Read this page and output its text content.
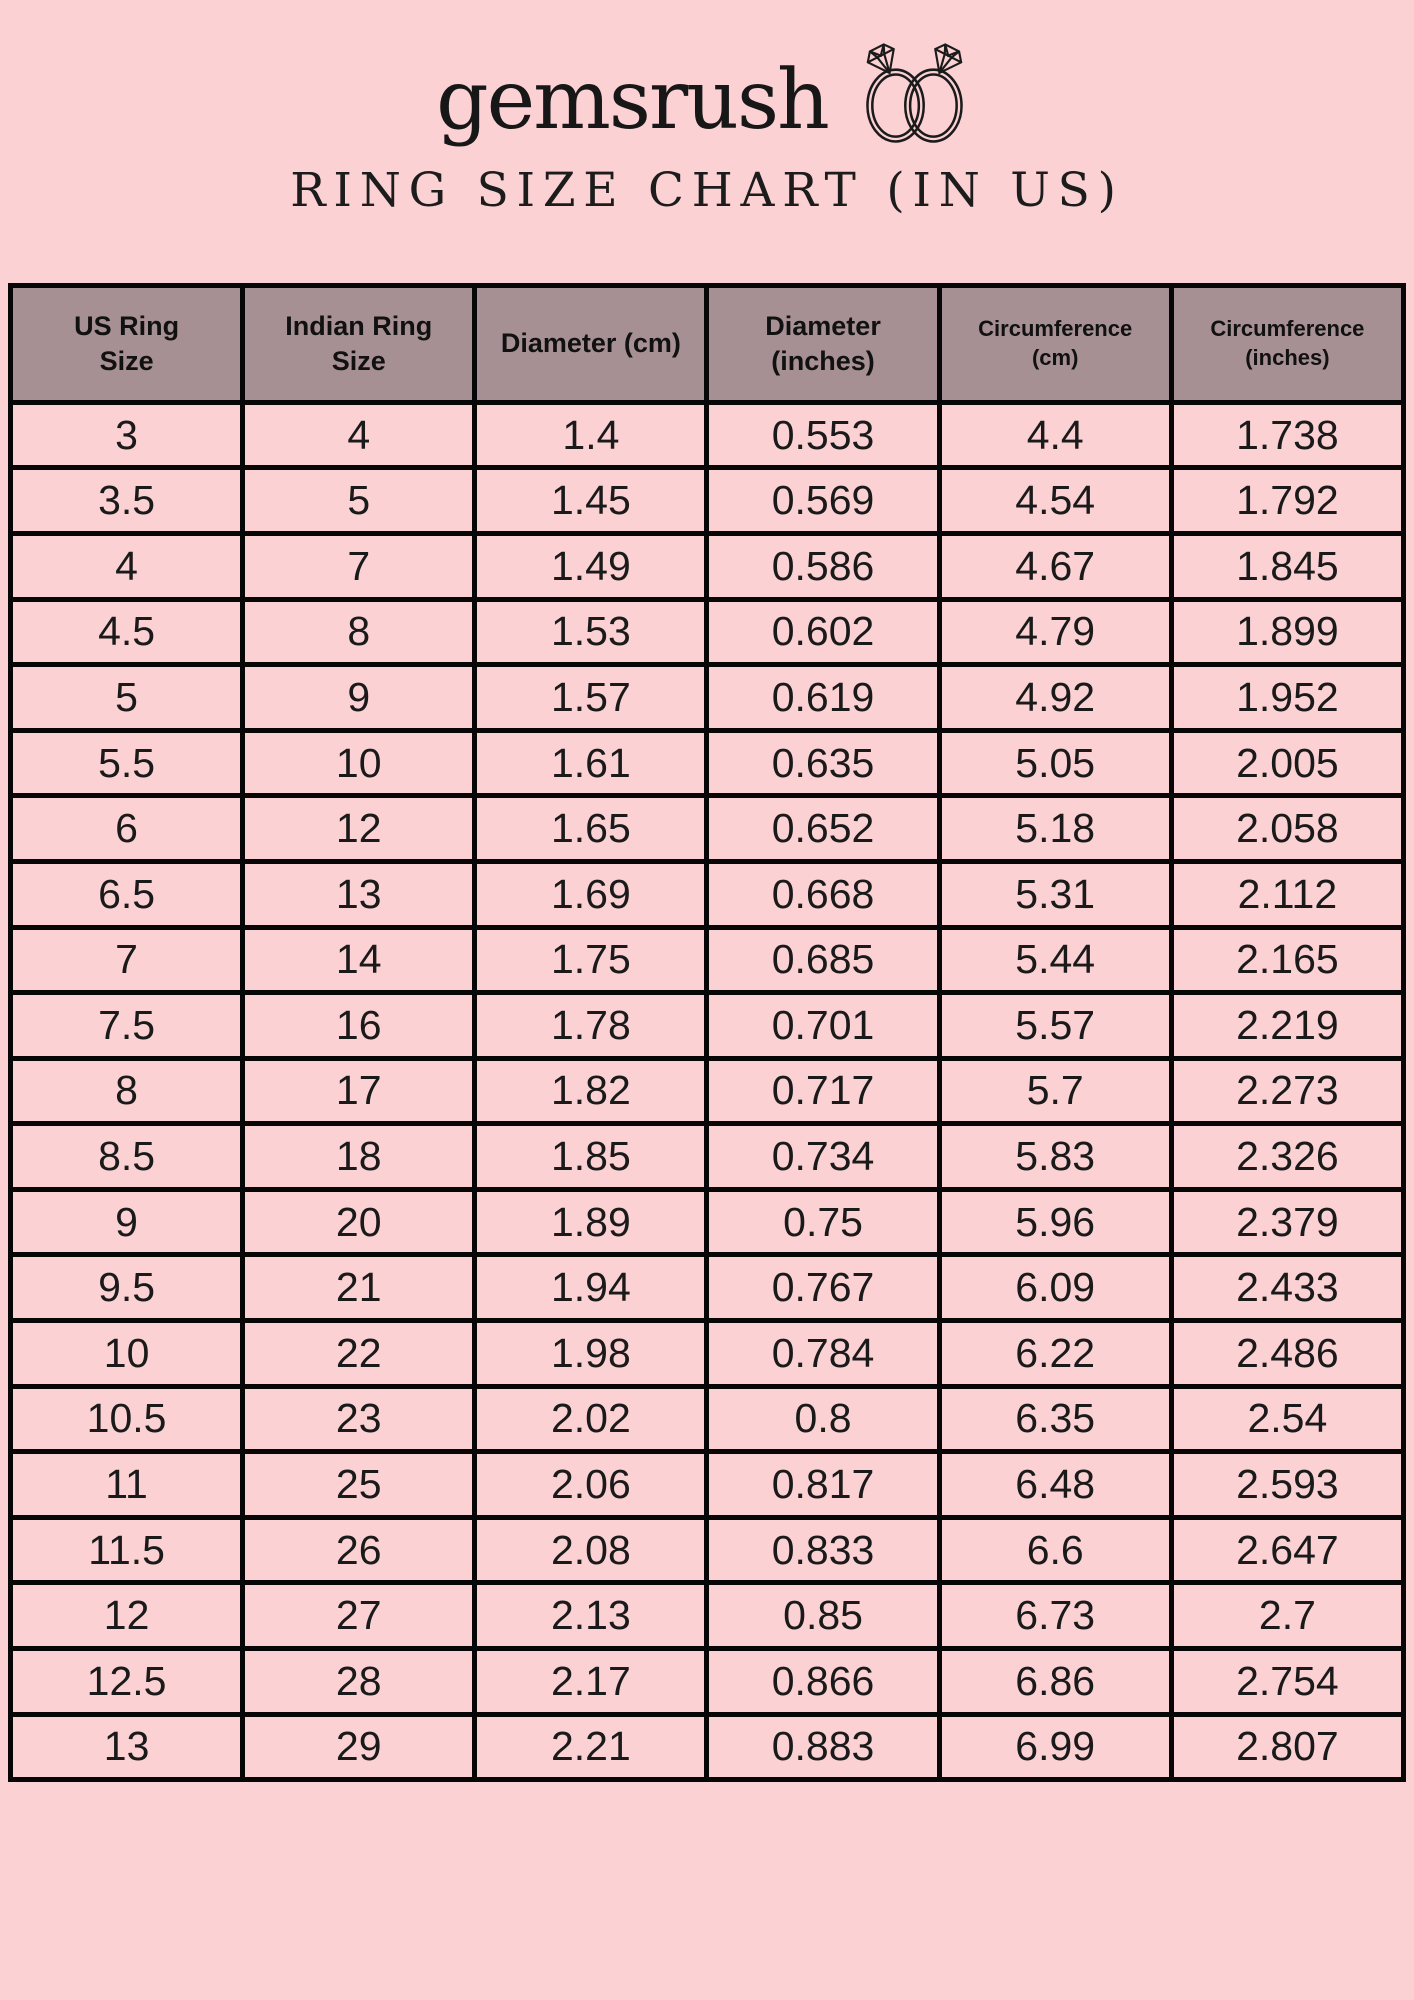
gemsrush
RING SIZE CHART (IN US)
US Ring Size	Indian Ring Size	Diameter (cm)	Diameter (inches)	Circumference (cm)	Circumference (inches)
3	4	1.4	0.553	4.4	1.738
3.5	5	1.45	0.569	4.54	1.792
4	7	1.49	0.586	4.67	1.845
4.5	8	1.53	0.602	4.79	1.899
5	9	1.57	0.619	4.92	1.952
5.5	10	1.61	0.635	5.05	2.005
6	12	1.65	0.652	5.18	2.058
6.5	13	1.69	0.668	5.31	2.112
7	14	1.75	0.685	5.44	2.165
7.5	16	1.78	0.701	5.57	2.219
8	17	1.82	0.717	5.7	2.273
8.5	18	1.85	0.734	5.83	2.326
9	20	1.89	0.75	5.96	2.379
9.5	21	1.94	0.767	6.09	2.433
10	22	1.98	0.784	6.22	2.486
10.5	23	2.02	0.8	6.35	2.54
11	25	2.06	0.817	6.48	2.593
11.5	26	2.08	0.833	6.6	2.647
12	27	2.13	0.85	6.73	2.7
12.5	28	2.17	0.866	6.86	2.754
13	29	2.21	0.883	6.99	2.807
